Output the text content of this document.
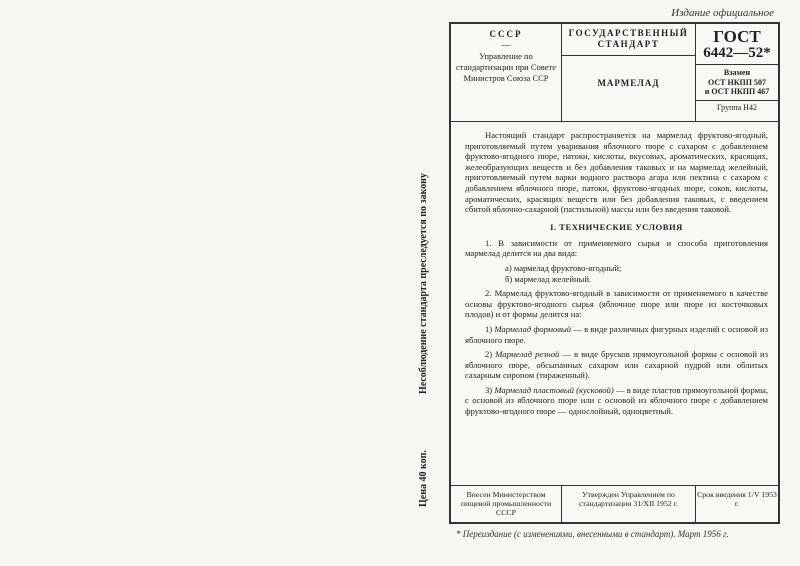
Издание официальное
Цена 40 коп.
Несоблюдение стандарта преследуется по закону
СССР
—
Управление по стандартизации при Совете Министров Союза ССР
ГОСУДАРСТВЕННЫЙ СТАНДАРТ
МАРМЕЛАД
ГОСТ
6442—52*
Взамен
ОСТ НКПП 507
и ОСТ НКПП 467
Группа Н42

Настоящий стандарт распространяется на мармелад фруктово-ягодный, приготовляемый путем уваривания яблочного пюре с сахаром с добавлением фруктово-ягодного пюре, патоки, кислоты, вкусовых, ароматических, красящих, желеобразующих веществ и без добавления таковых и на мармелад желейный, приготовляемый путем варки водного раствора агара или пектина с сахаром с добавлением яблочного пюре, патоки, фруктово-ягодных пюре, соков, кислоты, ароматических, красящих веществ или без добавления таковых, с введением сбитой яблочно-сахарной (пастильной) массы или без введения таковой.

I. ТЕХНИЧЕСКИЕ УСЛОВИЯ

1. В зависимости от применяемого сырья и способа приготовления мармелад делится на два вида:

а) мармелад фруктово-ягодный;

б) мармелад желейный.

2. Мармелад фруктово-ягодный в зависимости от применяемого в качестве основы фруктово-ягодного сырья (яблочное пюре или пюре из косточковых плодов) и от формы делится на:

1) Мармелад формовый — в виде различных фигурных изделий с основой из яблочного пюре.

2) Мармелад резной — в виде брусков прямоугольной формы с основой из яблочного пюре, обсыпанных сахаром или сахарной пудрой или облитых сахарным сиропом (тираженный).

3) Мармелад пластовый (кусковой) — в виде пластов прямоугольной формы, с основой из яблочного пюре или с основой из яблочного пюре с добавлением фруктово-ягодного пюре — однослойный, одноцветный.

Внесен Министерством пищевой промышленности СССР
Утвержден Управлением по стандартизации 31/XII 1952 г.
Срок введения 1/V 1953 г.
* Переиздание (с изменениями, внесенными в стандарт). Март 1956 г.
